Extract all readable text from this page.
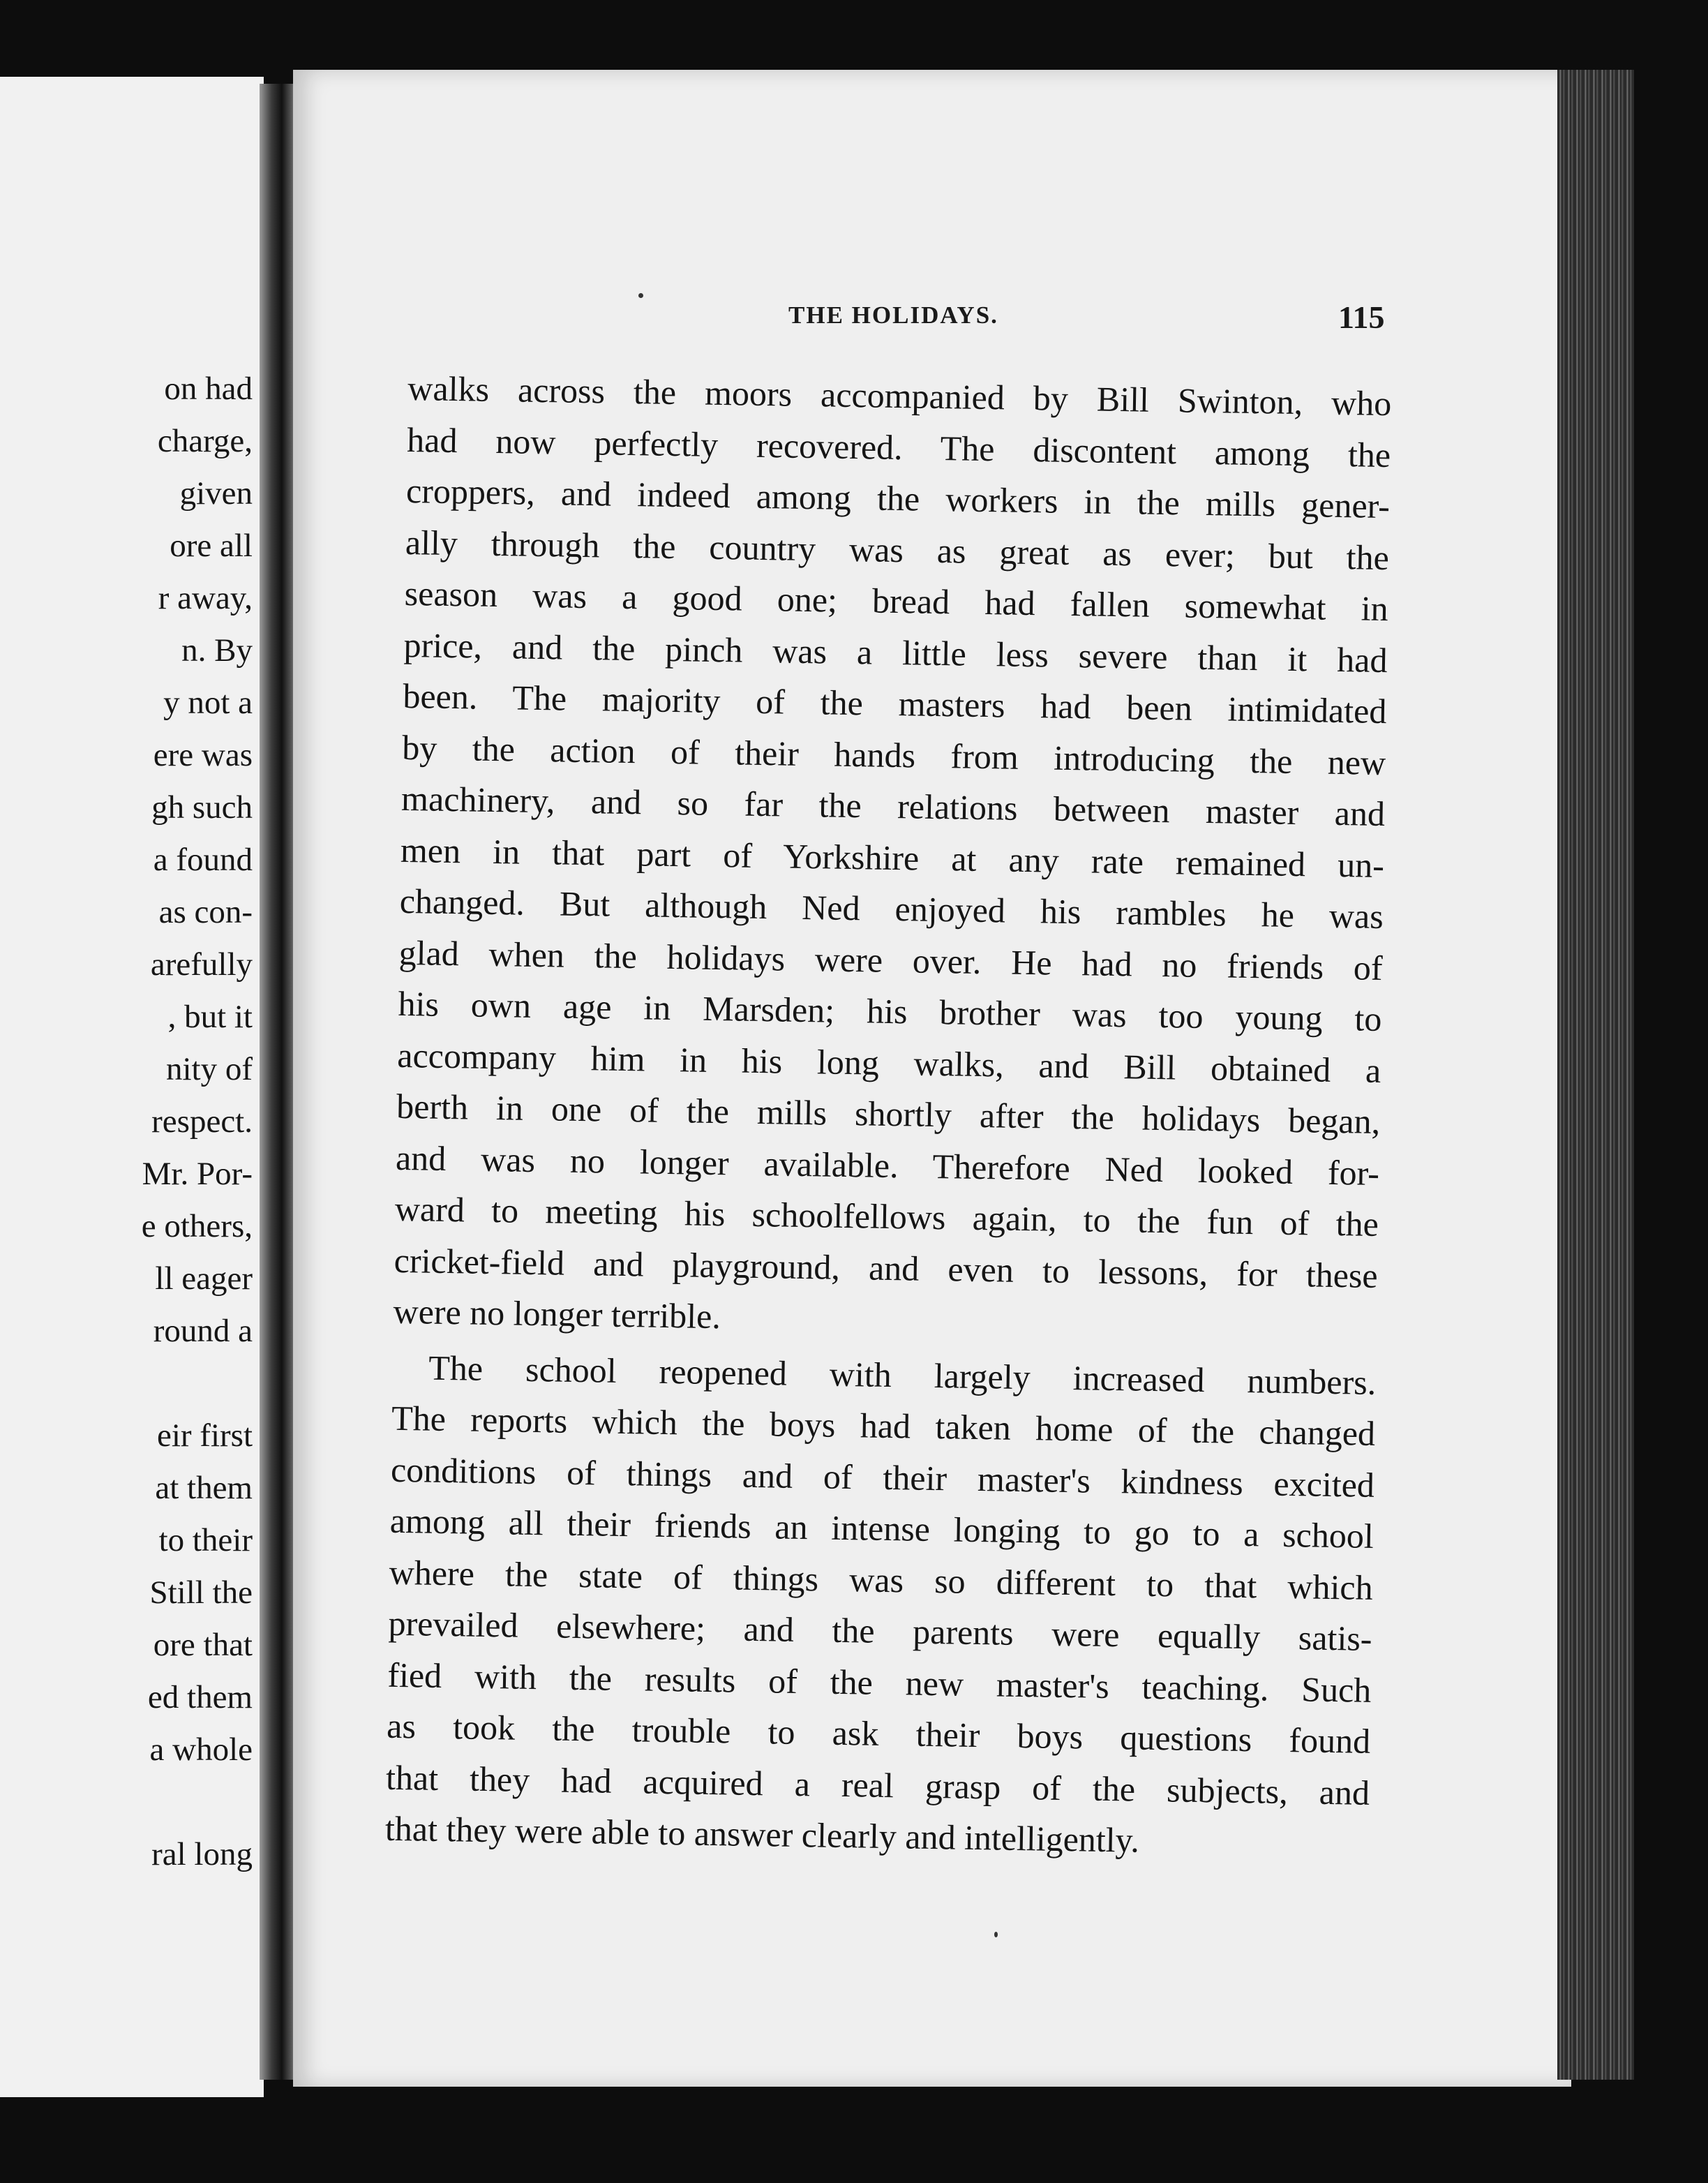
on had
charge,
given
ore all
r away,
n. By
y not a
ere was
gh such
a found
as con-
arefully
, but it
nity of
respect.
Mr. Por-
e others,
ll eager
round a
eir first
at them
to their
Still the
ore that
ed them
a whole
ral long
THE HOLIDAYS.	115
walks across the moors accompanied by Bill Swinton, who
had now perfectly recovered. The discontent among the
croppers, and indeed among the workers in the mills gener-
ally through the country was as great as ever; but the
season was a good one; bread had fallen somewhat in
price, and the pinch was a little less severe than it had
been. The majority of the masters had been intimidated
by the action of their hands from introducing the new
machinery, and so far the relations between master and
men in that part of Yorkshire at any rate remained un-
changed. But although Ned enjoyed his rambles he was
glad when the holidays were over. He had no friends of
his own age in Marsden; his brother was too young to
accompany him in his long walks, and Bill obtained a
berth in one of the mills shortly after the holidays began,
and was no longer available. Therefore Ned looked for-
ward to meeting his schoolfellows again, to the fun of the
cricket-field and playground, and even to lessons, for these
were no longer terrible.
The school reopened with largely increased numbers.
The reports which the boys had taken home of the changed
conditions of things and of their master's kindness excited
among all their friends an intense longing to go to a school
where the state of things was so different to that which
prevailed elsewhere; and the parents were equally satis-
fied with the results of the new master's teaching. Such
as took the trouble to ask their boys questions found
that they had acquired a real grasp of the subjects, and
that they were able to answer clearly and intelligently.
